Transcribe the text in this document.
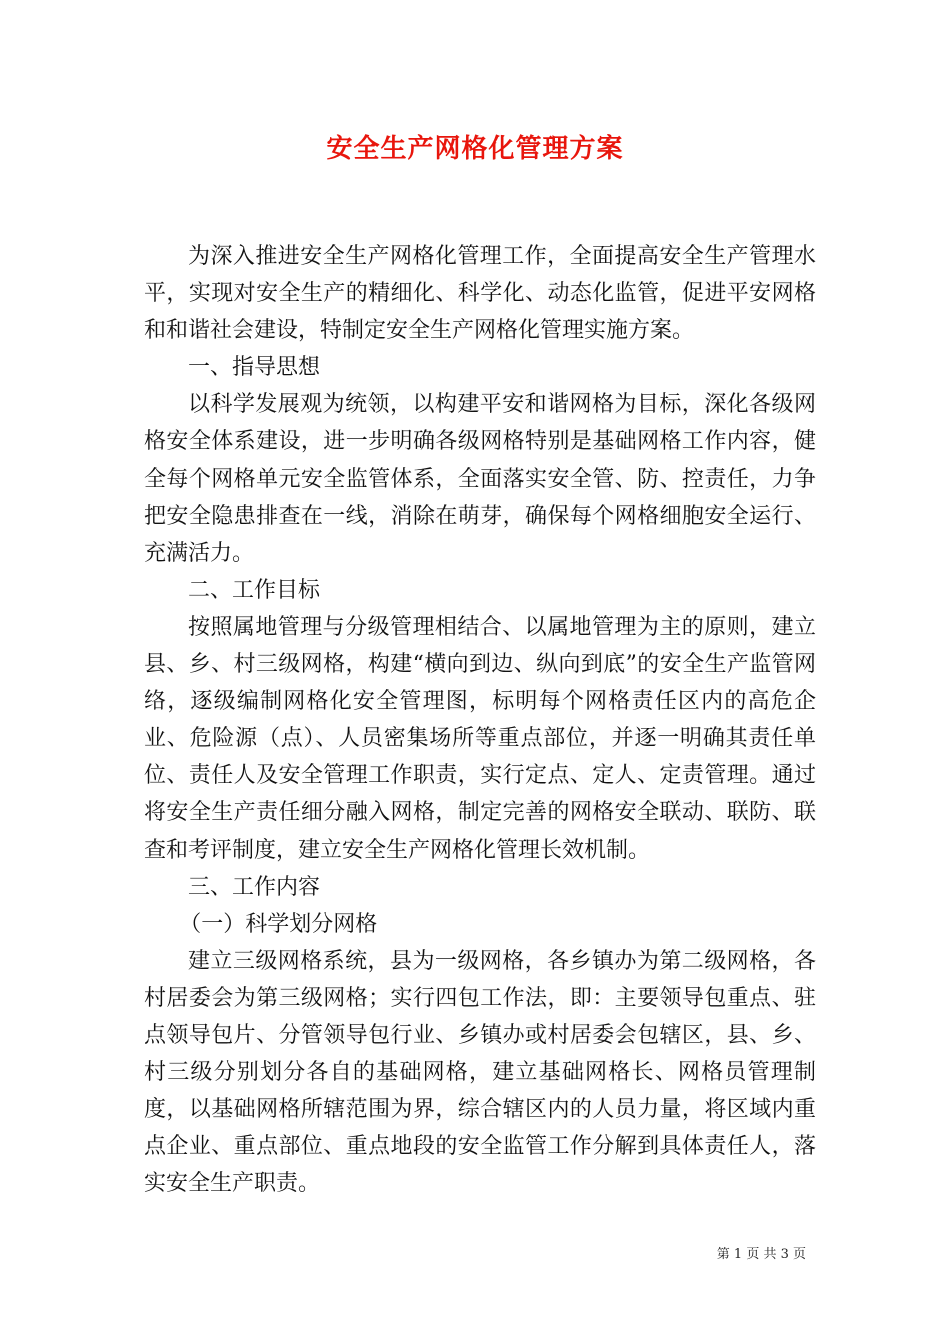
安全生产网格化管理方案

为深入推进安全生产网格化管理工作，全面提高安全生产管理水平，实现对安全生产的精细化、科学化、动态化监管，促进平安网格和和谐社会建设，特制定安全生产网格化管理实施方案。

一、指导思想

以科学发展观为统领，以构建平安和谐网格为目标，深化各级网格安全体系建设，进一步明确各级网格特别是基础网格工作内容，健全每个网格单元安全监管体系，全面落实安全管、防、控责任，力争把安全隐患排查在一线，消除在萌芽，确保每个网格细胞安全运行、充满活力。

二、工作目标

按照属地管理与分级管理相结合、以属地管理为主的原则，建立县、乡、村三级网格，构建“横向到边、纵向到底”的安全生产监管网络，逐级编制网格化安全管理图，标明每个网格责任区内的高危企业、危险源（点）、人员密集场所等重点部位，并逐一明确其责任单位、责任人及安全管理工作职责，实行定点、定人、定责管理。通过将安全生产责任细分融入网格，制定完善的网格安全联动、联防、联查和考评制度，建立安全生产网格化管理长效机制。

三、工作内容

（一）科学划分网格

建立三级网格系统，县为一级网格，各乡镇办为第二级网格，各村居委会为第三级网格；实行四包工作法，即：主要领导包重点、驻点领导包片、分管领导包行业、乡镇办或村居委会包辖区，县、乡、村三级分别划分各自的基础网格，建立基础网格长、网格员管理制度，以基础网格所辖范围为界，综合辖区内的人员力量，将区域内重点企业、重点部位、重点地段的安全监管工作分解到具体责任人，落实安全生产职责。

第 1 页 共 3 页
